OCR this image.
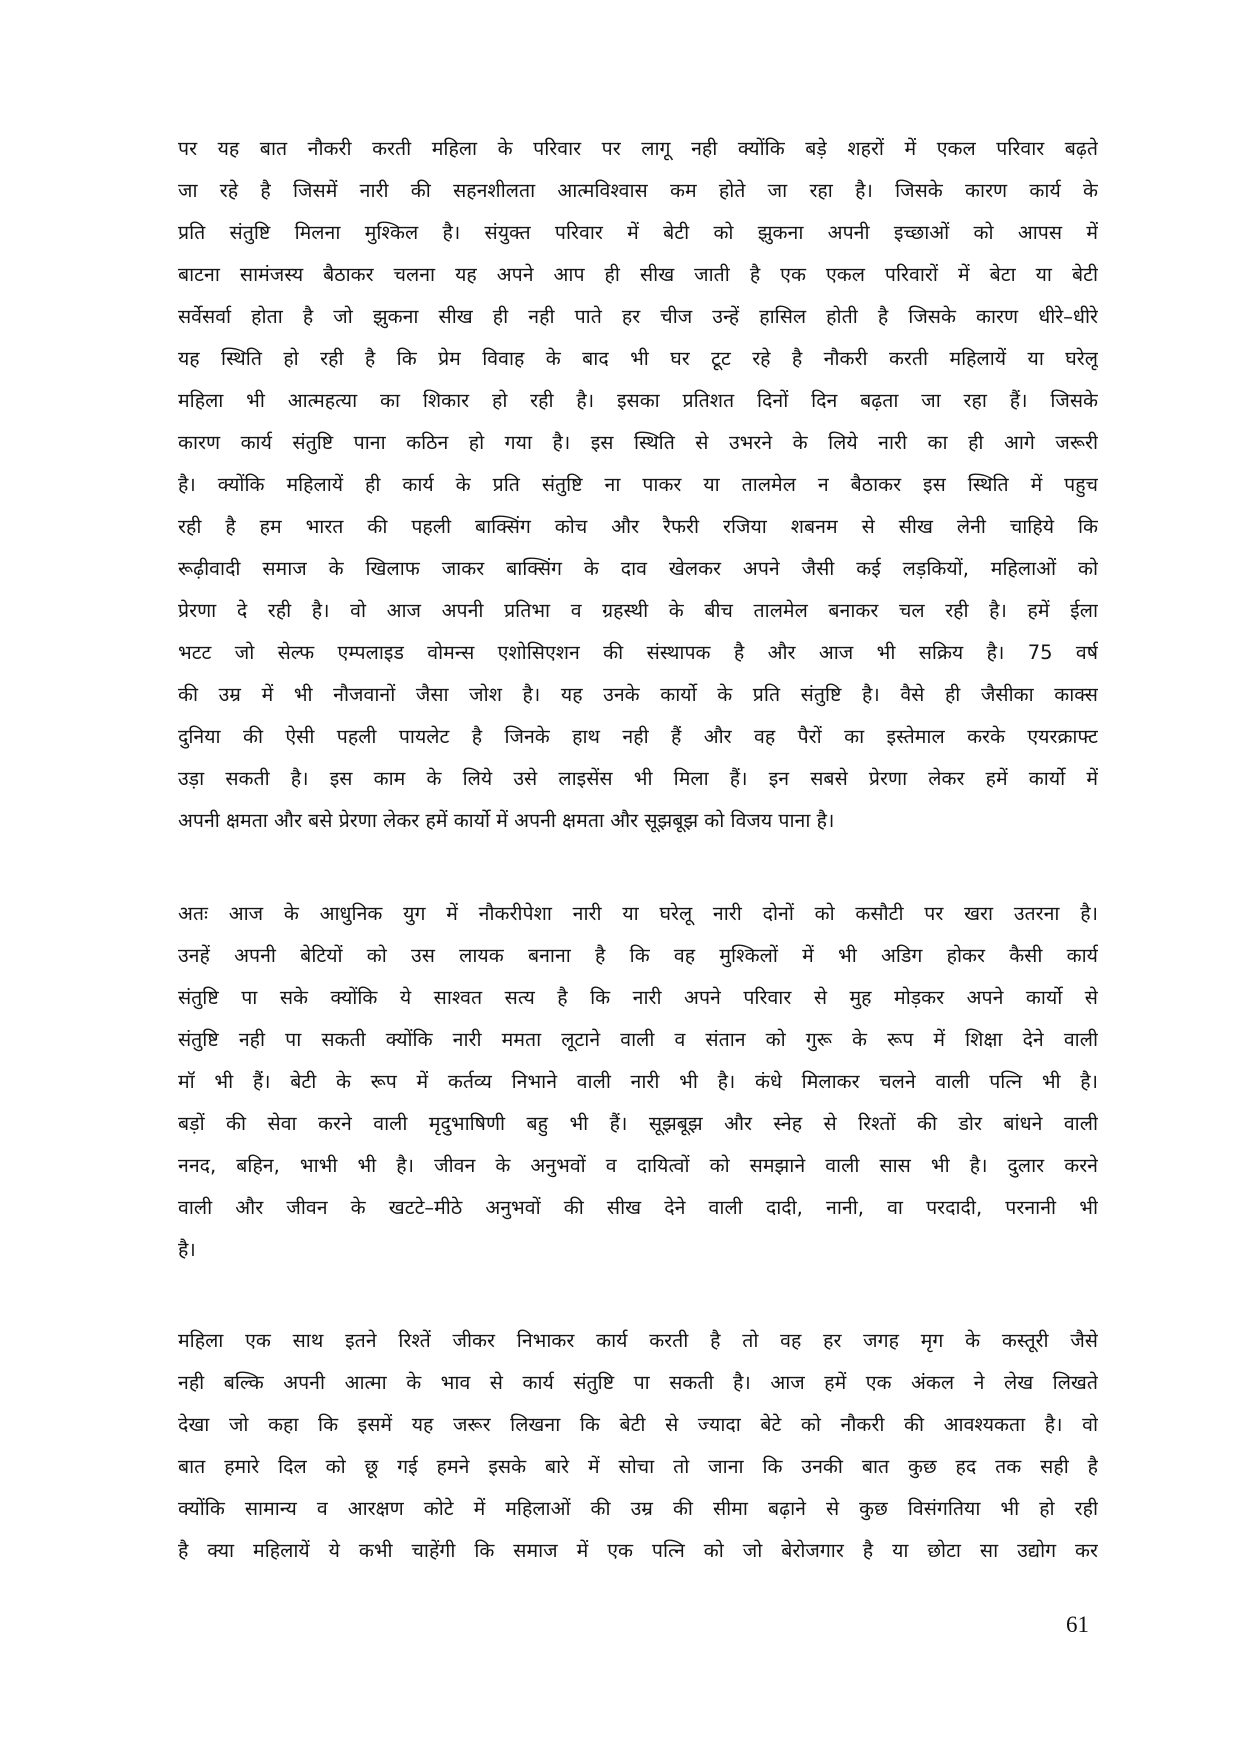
पर यह बात नौकरी करती महिला के परिवार पर लागू नही क्योंकि बड़े शहरों में एकल परिवार बढ़ते
जा रहे है जिसमें नारी की सहनशीलता आत्मविश्वास कम होते जा रहा है। जिसके कारण कार्य के
प्रति संतुष्टि मिलना मुश्किल है। संयुक्त परिवार में बेटी को झुकना अपनी इच्छाओं को आपस में
बाटना सामंजस्य बैठाकर चलना यह अपने आप ही सीख जाती है एक एकल परिवारों में बेटा या बेटी
सर्वेसर्वा होता है जो झुकना सीख ही नही पाते हर चीज उन्हें हासिल होती है जिसके कारण धीरे–धीरे
यह स्थिति हो रही है कि प्रेम विवाह के बाद भी घर टूट रहे है नौकरी करती महिलायें या घरेलू
महिला भी आत्महत्या का शिकार हो रही है। इसका प्रतिशत दिनों दिन बढ़ता जा रहा हैं। जिसके
कारण कार्य संतुष्टि पाना कठिन हो गया है। इस स्थिति से उभरने के लिये नारी का ही आगे जरूरी
है। क्योंकि महिलायें ही कार्य के प्रति संतुष्टि ना पाकर या तालमेल न बैठाकर इस स्थिति में पहुच
रही है हम भारत की पहली बाक्सिंग कोच और रैफरी रजिया शबनम से सीख लेनी चाहिये कि
रूढ़ीवादी समाज के खिलाफ जाकर बाक्सिंग के दाव खेलकर अपने जैसी कई लड़कियों, महिलाओं को
प्रेरणा दे रही है। वो आज अपनी प्रतिभा व ग्रहस्थी के बीच तालमेल बनाकर चल रही है। हमें ईला
भटट जो सेल्फ एम्पलाइड वोमन्स एशोसिएशन की संस्थापक है और आज भी सक्रिय है। 75 वर्ष
की उम्र में भी नौजवानों जैसा जोश है। यह उनके कार्यो के प्रति संतुष्टि है। वैसे ही जैसीका काक्स
दुनिया की ऐसी पहली पायलेट है जिनके हाथ नही हैं और वह पैरों का इस्तेमाल करके एयरक्राफ्ट
उड़ा सकती है। इस काम के लिये उसे लाइसेंस भी मिला हैं। इन सबसे प्रेरणा लेकर हमें कार्यो में
अपनी क्षमता और बसे प्रेरणा लेकर हमें कार्यो में अपनी क्षमता और सूझबूझ को विजय पाना है।
अतः आज के आधुनिक युग में नौकरीपेशा नारी या घरेलू नारी दोनों को कसौटी पर खरा उतरना है।
उनहें अपनी बेटियों को उस लायक बनाना है कि वह मुश्किलों में भी अडिग होकर कैसी कार्य
संतुष्टि पा सके क्योंकि ये साश्वत सत्य है कि नारी अपने परिवार से मुह मोड़कर अपने कार्यो से
संतुष्टि नही पा सकती क्योंकि नारी ममता लूटाने वाली व संतान को गुरू के रूप में शिक्षा देने वाली
मॉ भी हैं। बेटी के रूप में कर्तव्य निभाने वाली नारी भी है। कंधे मिलाकर चलने वाली पत्नि भी है।
बड़ों की सेवा करने वाली मृदुभाषिणी बहु भी हैं। सूझबूझ और स्नेह से रिश्तों की डोर बांधने वाली
ननद, बहिन, भाभी भी है। जीवन के अनुभवों व दायित्वों को समझाने वाली सास भी है। दुलार करने
वाली और जीवन के खटटे–मीठे अनुभवों की सीख देने वाली दादी, नानी, वा परदादी, परनानी भी
है।
महिला एक साथ इतने रिश्तें जीकर निभाकर कार्य करती है तो वह हर जगह मृग के कस्तूरी जैसे
नही बल्कि अपनी आत्मा के भाव से कार्य संतुष्टि पा सकती है। आज हमें एक अंकल ने लेख लिखते
देखा जो कहा कि इसमें यह जरूर लिखना कि बेटी से ज्यादा बेटे को नौकरी की आवश्यकता है। वो
बात हमारे दिल को छू गई हमने इसके बारे में सोचा तो जाना कि उनकी बात कुछ हद तक सही है
क्योंकि सामान्य व आरक्षण कोटे में महिलाओं की उम्र की सीमा बढ़ाने से कुछ विसंगतिया भी हो रही
है क्या महिलायें ये कभी चाहेंगी कि समाज में एक पत्नि को जो बेरोजगार है या छोटा सा उद्योग कर
61
